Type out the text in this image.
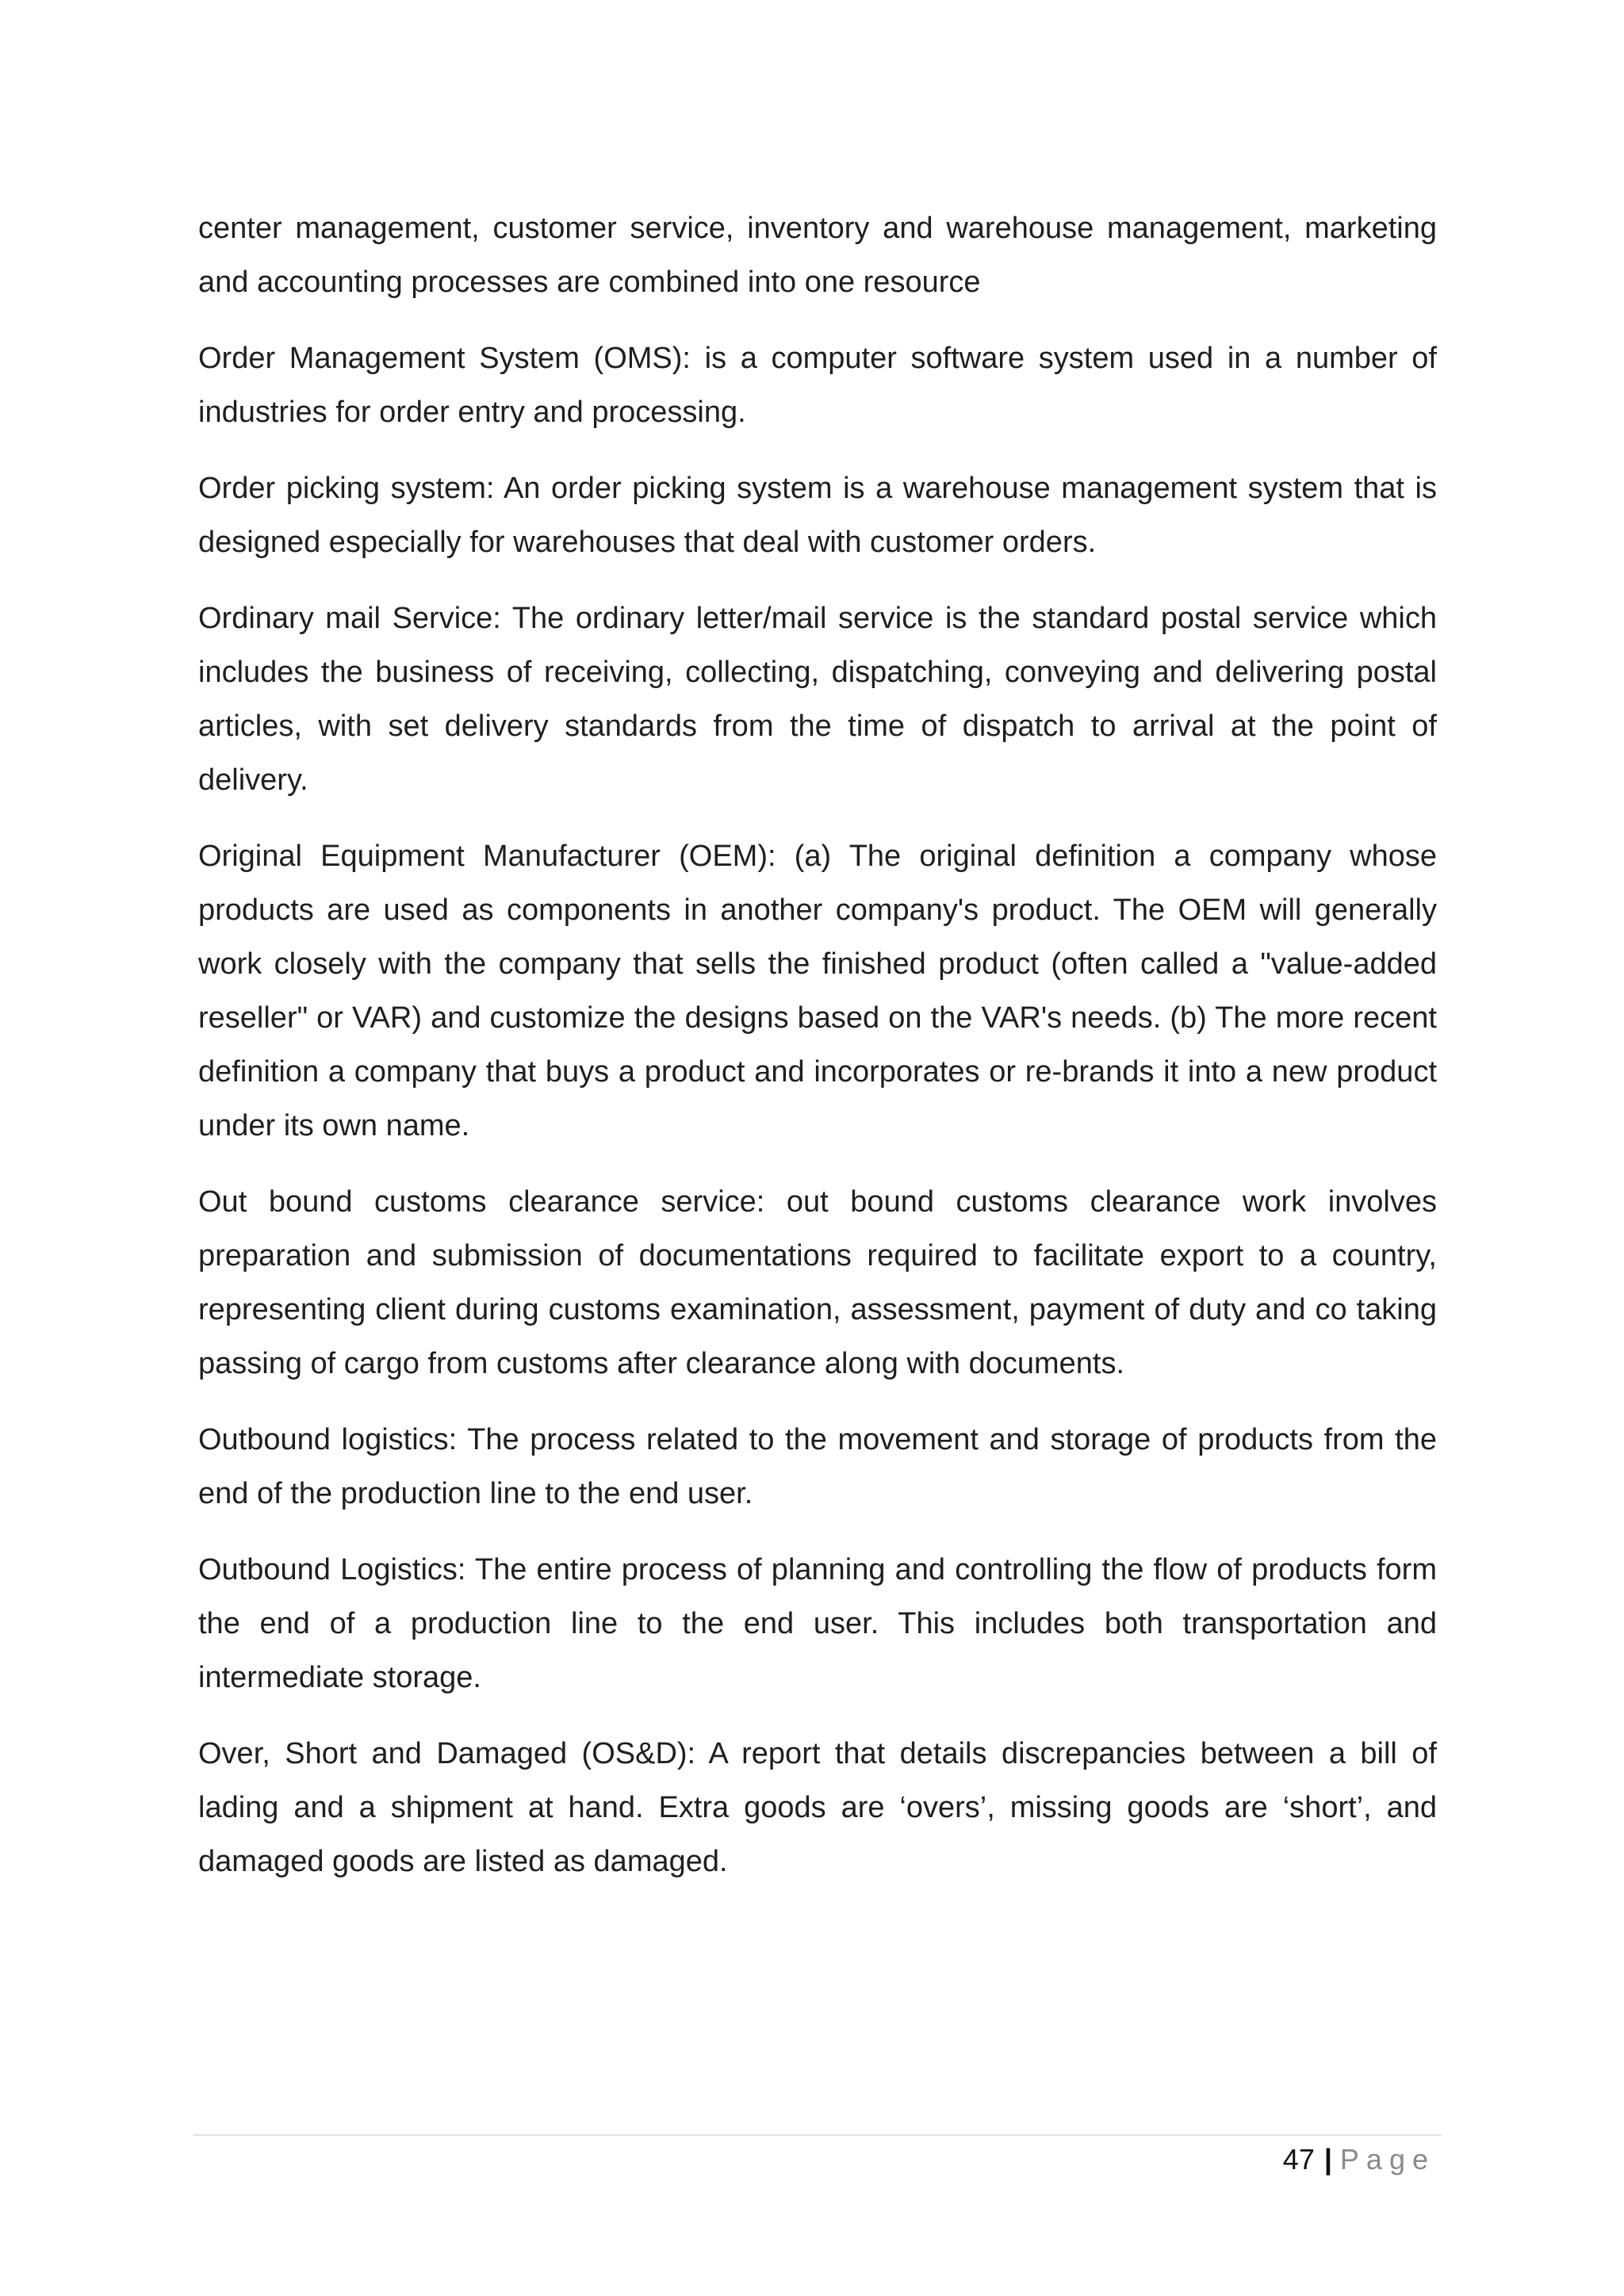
center management, customer service, inventory and warehouse management, marketing and accounting processes are combined into one resource

Order Management System (OMS): is a computer software system used in a number of industries for order entry and processing.

Order picking system: An order picking system is a warehouse management system that is designed especially for warehouses that deal with customer orders.

Ordinary mail Service: The ordinary letter/mail service is the standard postal service which includes the business of receiving, collecting, dispatching, conveying and delivering postal articles, with set delivery standards from the time of dispatch to arrival at the point of delivery.

Original Equipment Manufacturer (OEM): (a) The original definition a company whose products are used as components in another company's product. The OEM will generally work closely with the company that sells the finished product (often called a "value-added reseller" or VAR) and customize the designs based on the VAR's needs. (b) The more recent definition a company that buys a product and incorporates or re-brands it into a new product under its own name.

Out bound customs clearance service: out bound customs clearance work involves preparation and submission of documentations required to facilitate export to a country, representing client during customs examination, assessment, payment of duty and co taking passing of cargo from customs after clearance along with documents.

Outbound logistics: The process related to the movement and storage of products from the end of the production line to the end user.

Outbound Logistics: The entire process of planning and controlling the flow of products form the end of a production line to the end user. This includes both transportation and intermediate storage.

Over, Short and Damaged (OS&D): A report that details discrepancies between a bill of lading and a shipment at hand. Extra goods are ‘overs’, missing goods are ‘short’, and damaged goods are listed as damaged.

47 | Page
